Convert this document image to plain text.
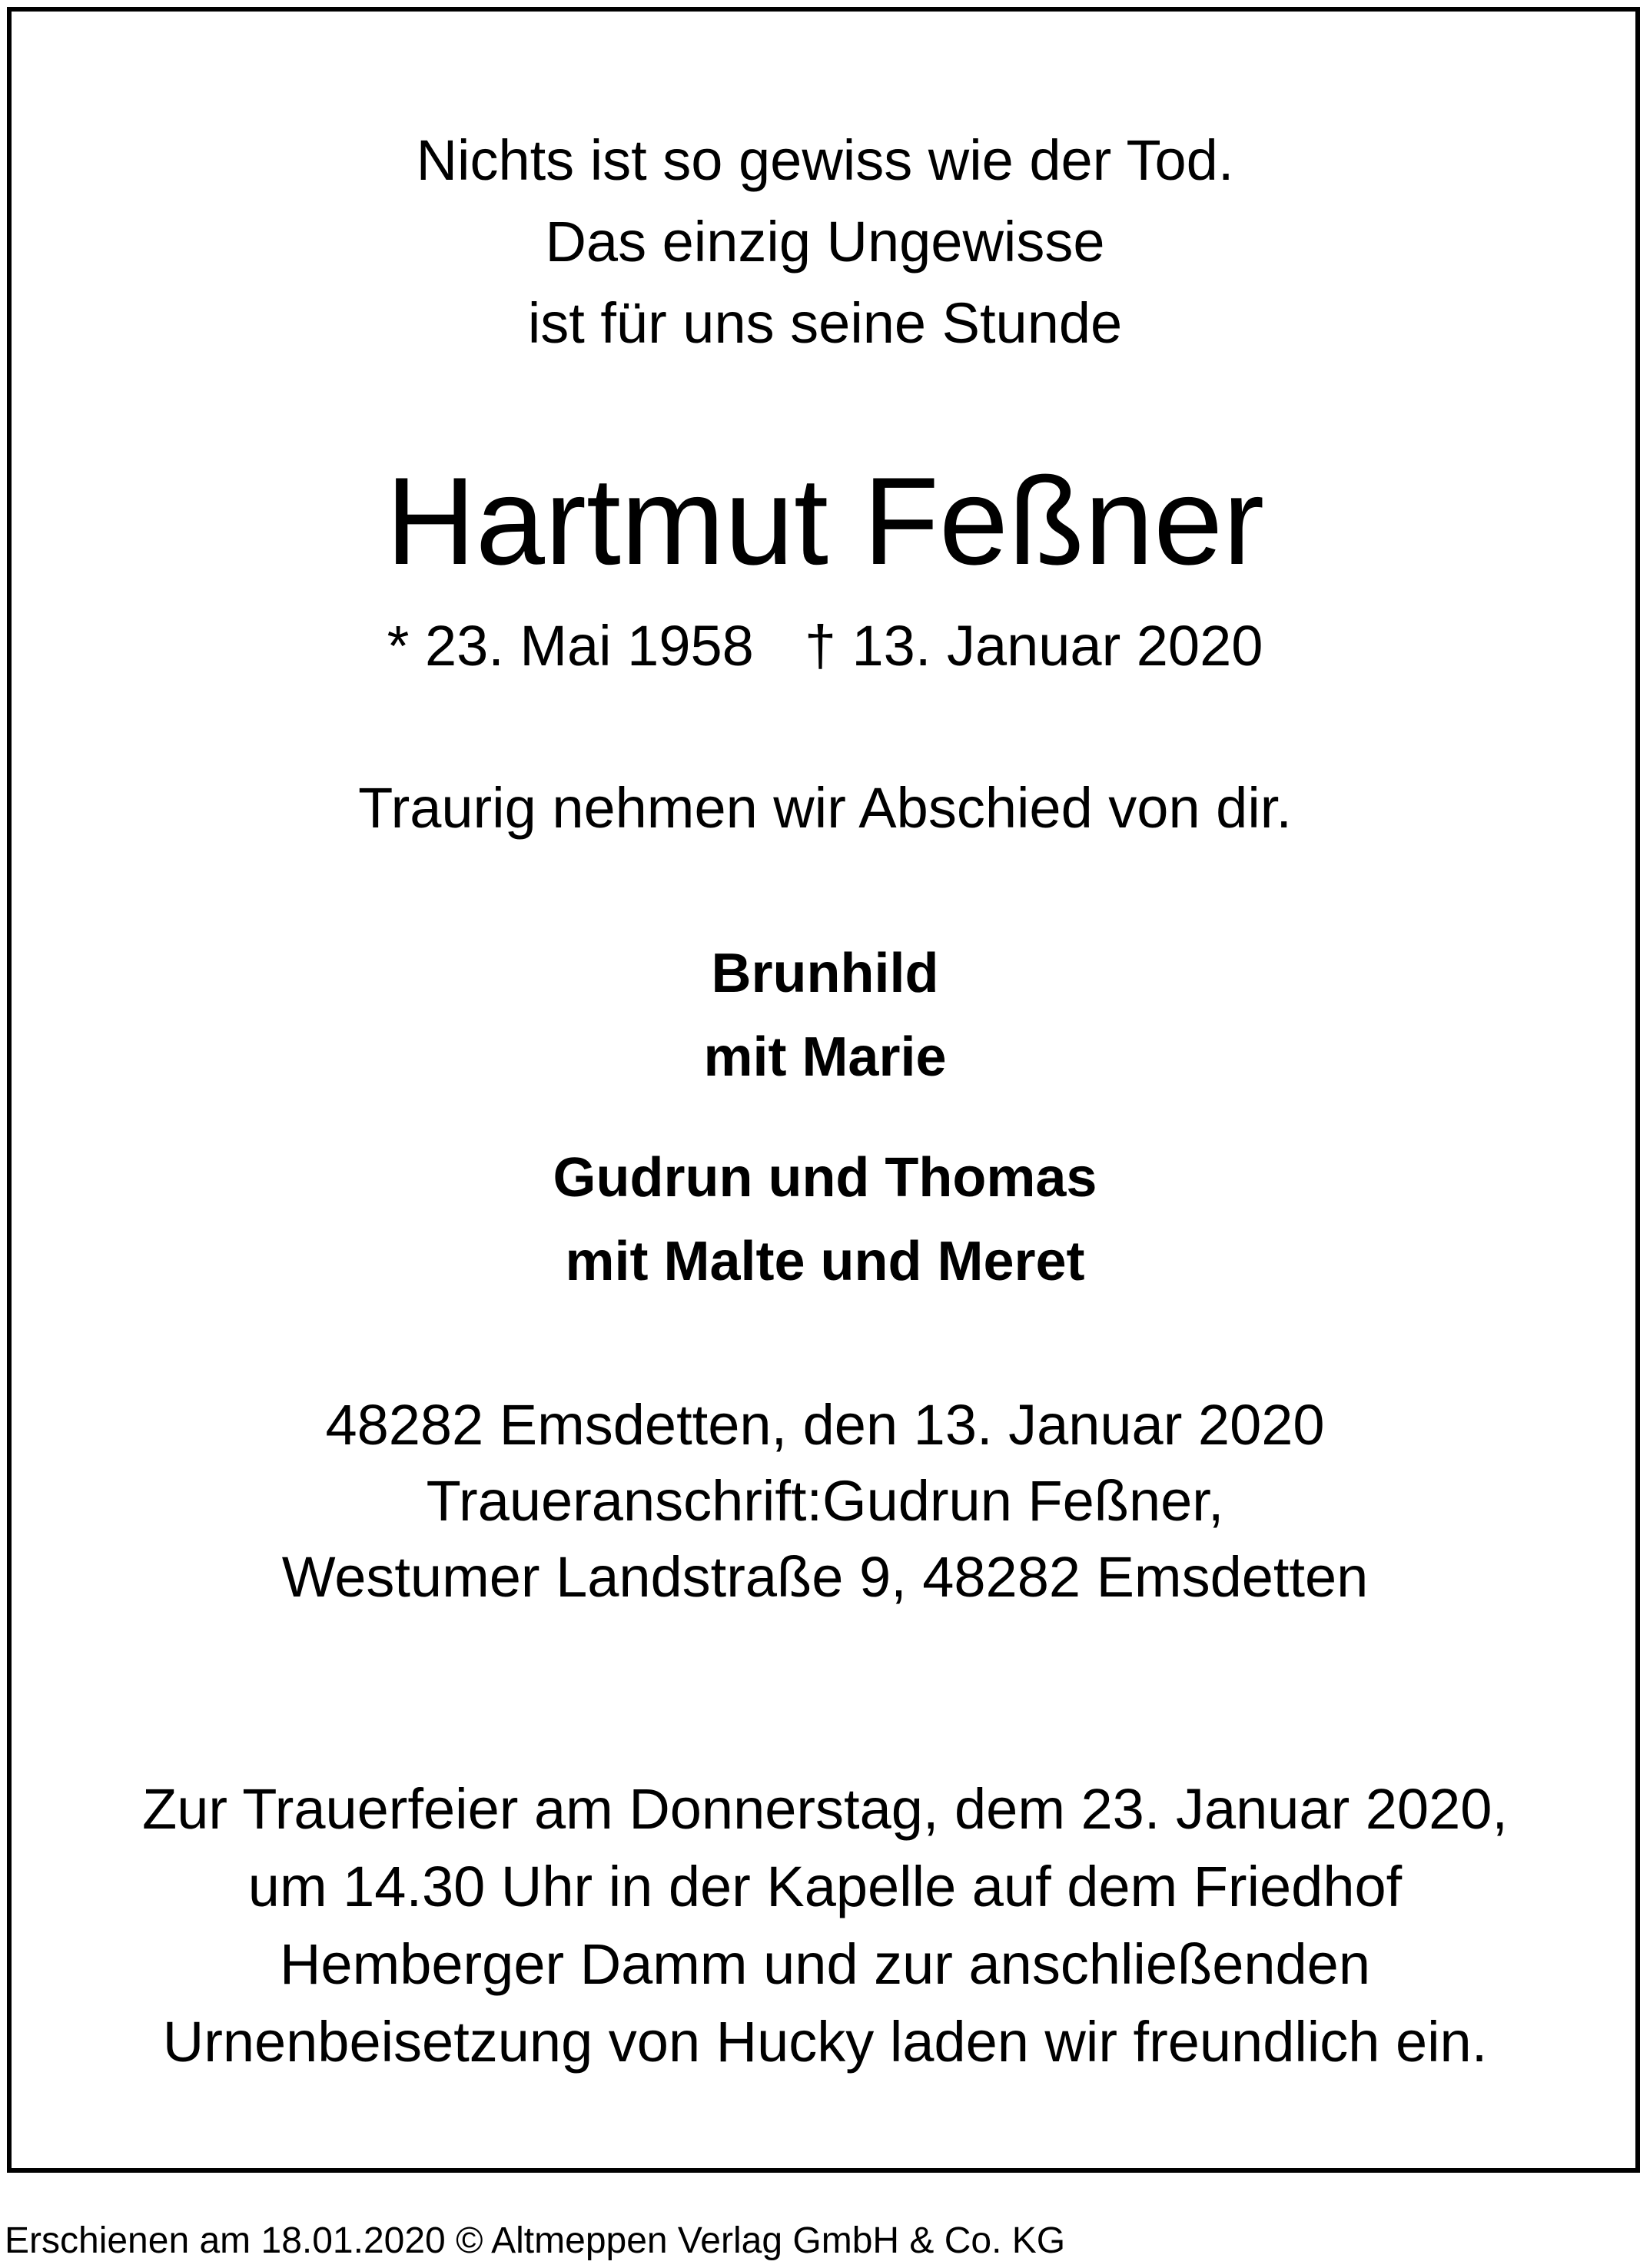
Nichts ist so gewiss wie der Tod.
Das einzig Ungewisse
ist für uns seine Stunde
Hartmut Feßner
* 23. Mai 1958 † 13. Januar 2020
Traurig nehmen wir Abschied von dir.
Brunhild
mit Marie
Gudrun und Thomas
mit Malte und Meret
48282 Emsdetten, den 13. Januar 2020
Traueranschrift:Gudrun Feßner,
Westumer Landstraße 9, 48282 Emsdetten
Zur Trauerfeier am Donnerstag, dem 23. Januar 2020,
um 14.30 Uhr in der Kapelle auf dem Friedhof
Hemberger Damm und zur anschließenden
Urnenbeisetzung von Hucky laden wir freundlich ein.
Erschienen am 18.01.2020 © Altmeppen Verlag GmbH & Co. KG
